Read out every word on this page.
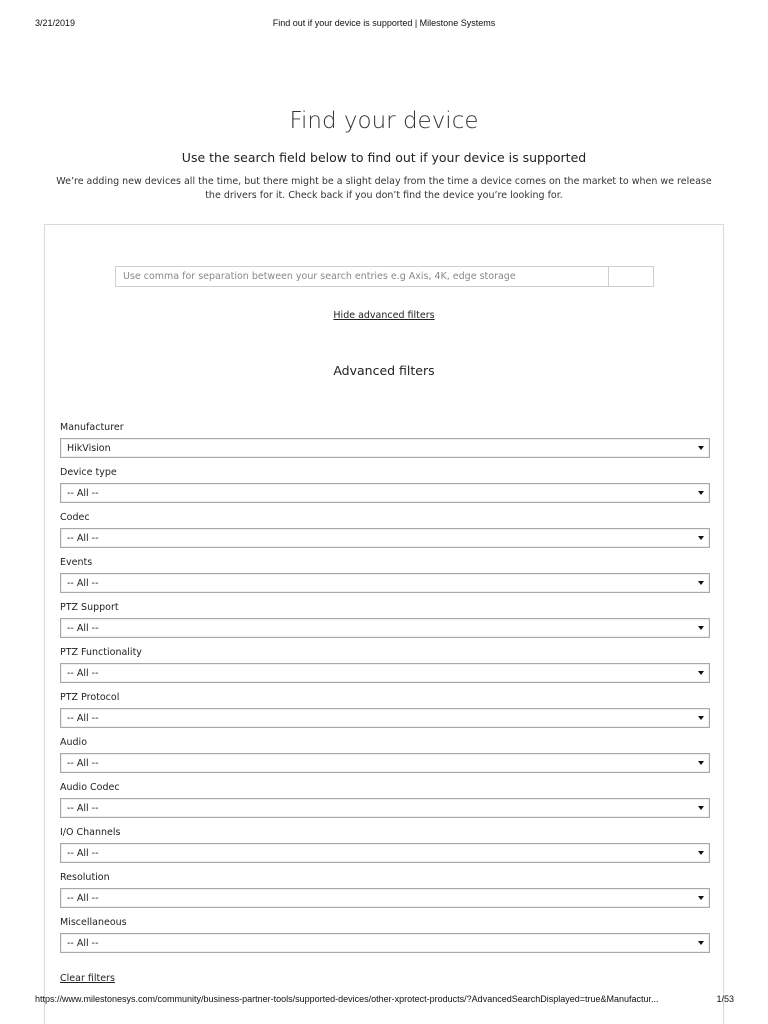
3/21/2019	Find out if your device is supported | Milestone Systems
Find your device
Use the search field below to find out if your device is supported
We’re adding new devices all the time, but there might be a slight delay from the time a device comes on the market to when we release the drivers for it. Check back if you don’t find the device you’re looking for.
Use comma for separation between your search entries e.g Axis, 4K, edge storage
Hide advanced filters
Advanced filters
Manufacturer
HikVision
Device type
-- All --
Codec
-- All --
Events
-- All --
PTZ Support
-- All --
PTZ Functionality
-- All --
PTZ Protocol
-- All --
Audio
-- All --
Audio Codec
-- All --
I/O Channels
-- All --
Resolution
-- All --
Miscellaneous
-- All --
Clear filters
https://www.milestonesys.com/community/business-partner-tools/supported-devices/other-xprotect-products/?AdvancedSearchDisplayed=true&Manufactur...	1/53
